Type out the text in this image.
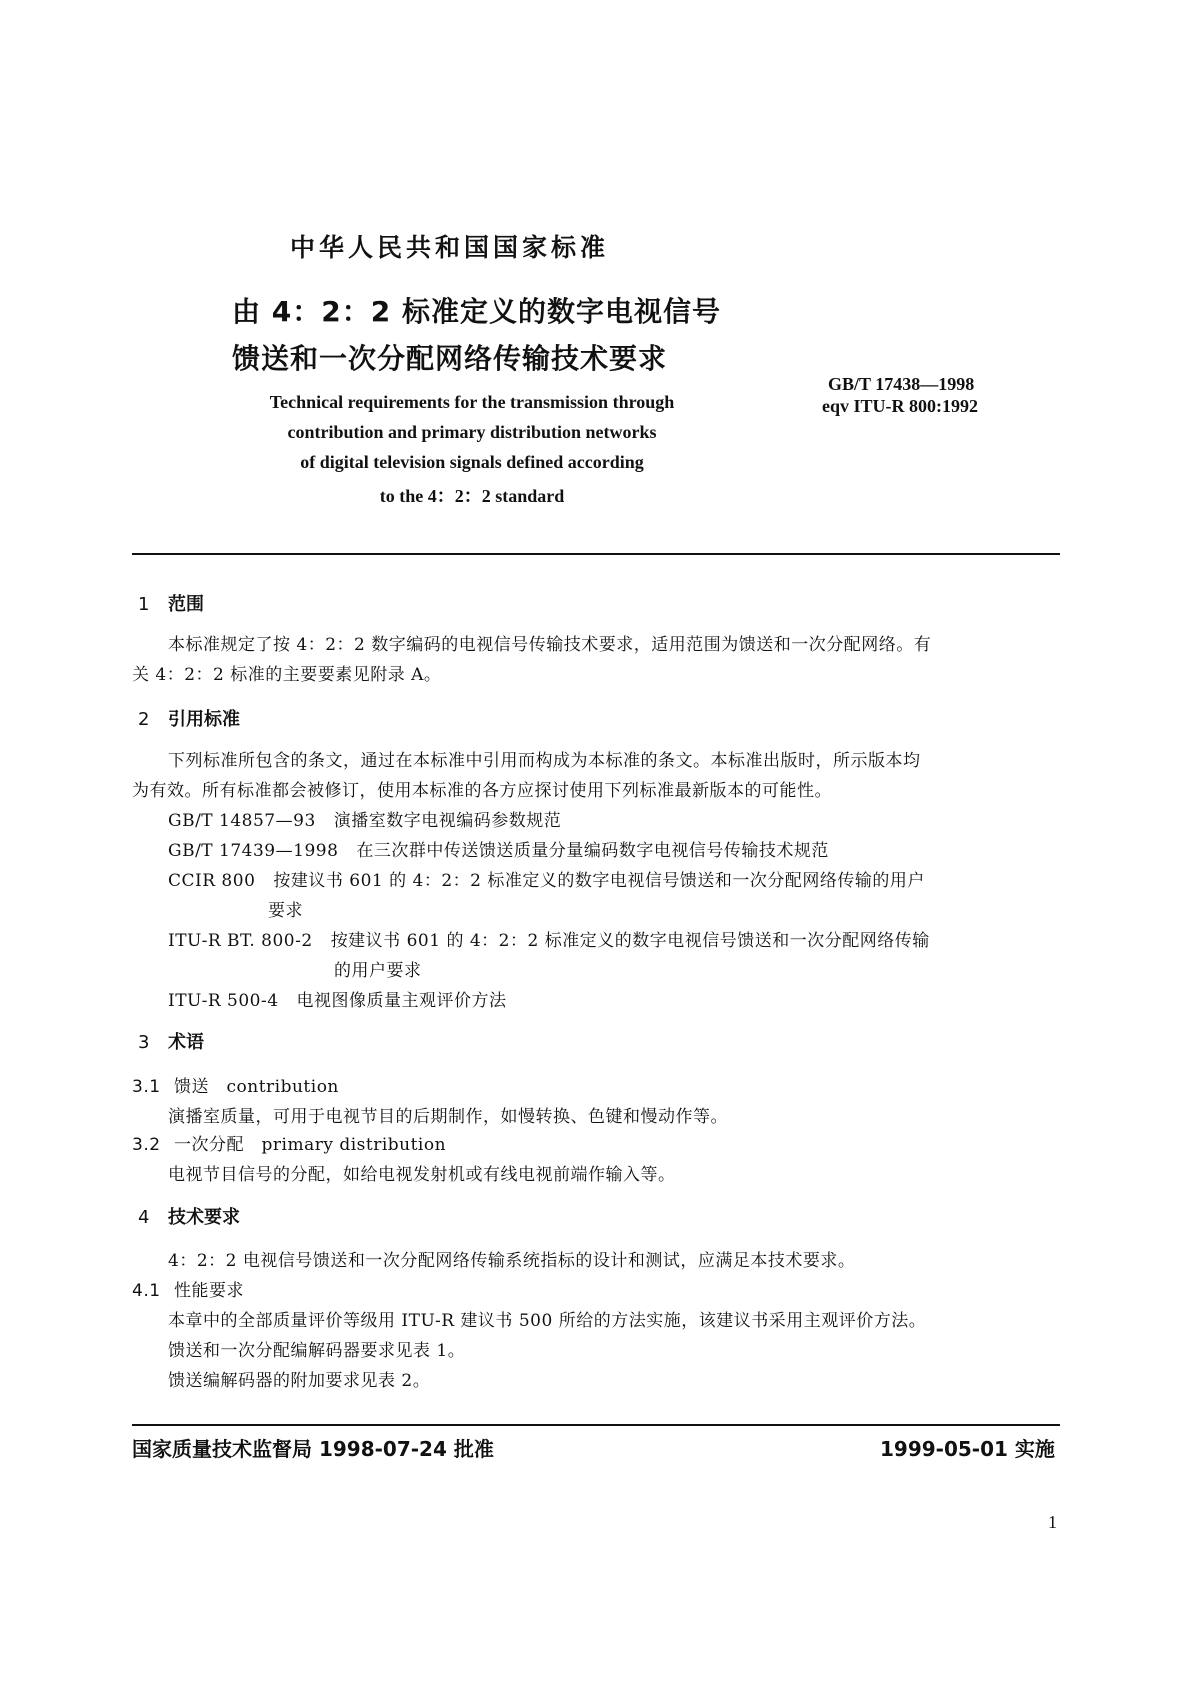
中华人民共和国国家标准
由 4：2：2 标准定义的数字电视信号
馈送和一次分配网络传输技术要求
Technical requirements for the transmission through
contribution and primary distribution networks
of digital television signals defined according
to the 4：2：2 standard
GB/T 17438—1998
eqv ITU-R 800:1992
1 范围
本标准规定了按 4：2：2 数字编码的电视信号传输技术要求，适用范围为馈送和一次分配网络。有
关 4：2：2 标准的主要要素见附录 A。
2 引用标准
下列标准所包含的条文，通过在本标准中引用而构成为本标准的条文。本标准出版时，所示版本均
为有效。所有标准都会被修订，使用本标准的各方应探讨使用下列标准最新版本的可能性。
GB/T 14857—93 演播室数字电视编码参数规范
GB/T 17439—1998 在三次群中传送馈送质量分量编码数字电视信号传输技术规范
CCIR 800 按建议书 601 的 4：2：2 标准定义的数字电视信号馈送和一次分配网络传输的用户
要求
ITU-R BT. 800-2 按建议书 601 的 4：2：2 标准定义的数字电视信号馈送和一次分配网络传输
的用户要求
ITU-R 500-4 电视图像质量主观评价方法
3 术语
3.1 馈送　contribution
演播室质量，可用于电视节目的后期制作，如慢转换、色键和慢动作等。
3.2 一次分配　primary distribution
电视节目信号的分配，如给电视发射机或有线电视前端作输入等。
4 技术要求
4：2：2 电视信号馈送和一次分配网络传输系统指标的设计和测试，应满足本技术要求。
4.1 性能要求
本章中的全部质量评价等级用 ITU-R 建议书 500 所给的方法实施，该建议书采用主观评价方法。
馈送和一次分配编解码器要求见表 1。
馈送编解码器的附加要求见表 2。
国家质量技术监督局 1998-07-24 批准	1999-05-01 实施
1
